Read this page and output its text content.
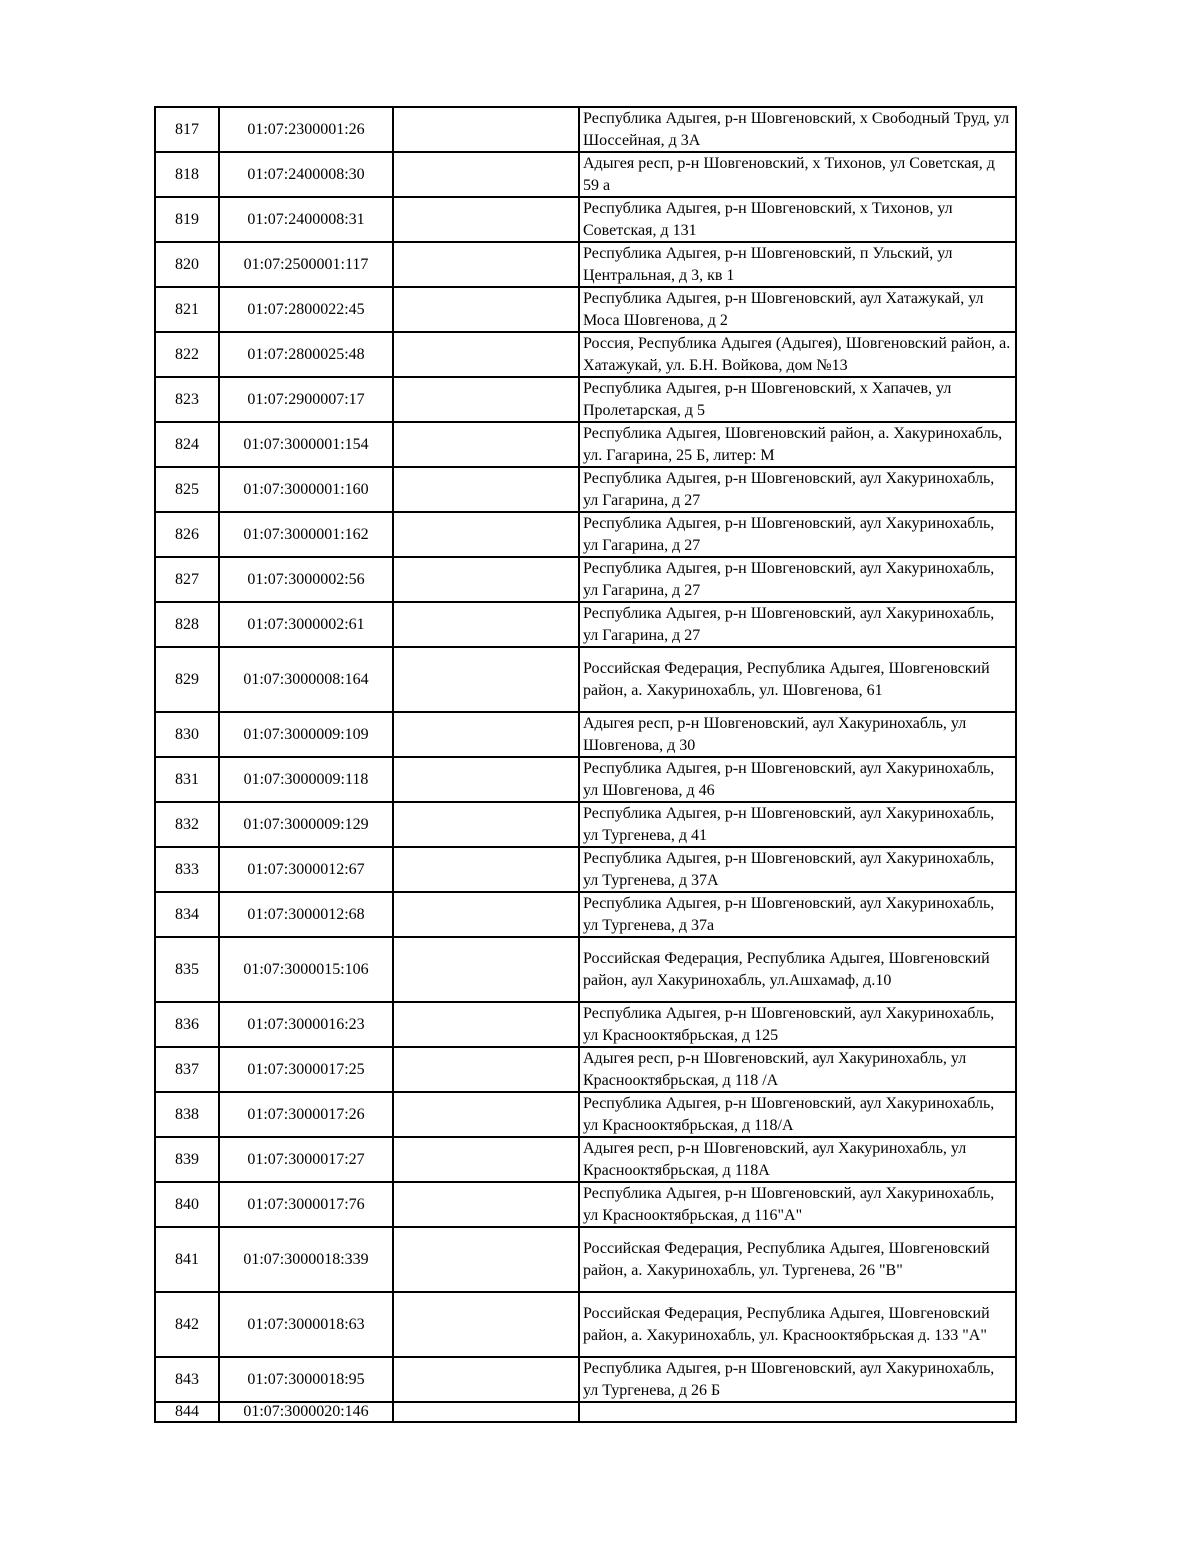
817	01:07:2300001:26		Республика Адыгея, р-н Шовгеновский, х Свободный Труд, ул Шоссейная, д 3А
818	01:07:2400008:30		Адыгея респ, р-н Шовгеновский, х Тихонов, ул Советская, д 59 а
819	01:07:2400008:31		Республика Адыгея, р-н Шовгеновский, х Тихонов, ул Советская, д 131
820	01:07:2500001:117		Республика Адыгея, р-н Шовгеновский, п Ульский, ул Центральная, д 3, кв 1
821	01:07:2800022:45		Республика Адыгея, р-н Шовгеновский, аул Хатажукай, ул Моса Шовгенова, д 2
822	01:07:2800025:48		Россия, Республика Адыгея (Адыгея), Шовгеновский район, а. Хатажукай, ул. Б.Н. Войкова, дом №13
823	01:07:2900007:17		Республика Адыгея, р-н Шовгеновский, х Хапачев, ул Пролетарская, д 5
824	01:07:3000001:154		Республика Адыгея, Шовгеновский район, а. Хакуринохабль, ул. Гагарина, 25 Б, литер: М
825	01:07:3000001:160		Республика Адыгея, р-н Шовгеновский, аул Хакуринохабль, ул Гагарина, д 27
826	01:07:3000001:162		Республика Адыгея, р-н Шовгеновский, аул Хакуринохабль, ул Гагарина, д 27
827	01:07:3000002:56		Республика Адыгея, р-н Шовгеновский, аул Хакуринохабль, ул Гагарина, д 27
828	01:07:3000002:61		Республика Адыгея, р-н Шовгеновский, аул Хакуринохабль, ул Гагарина, д 27
829	01:07:3000008:164		Российская Федерация, Республика Адыгея, Шовгеновский район, а. Хакуринохабль, ул. Шовгенова, 61
830	01:07:3000009:109		Адыгея респ, р-н Шовгеновский, аул Хакуринохабль, ул Шовгенова, д 30
831	01:07:3000009:118		Республика Адыгея, р-н Шовгеновский, аул Хакуринохабль, ул Шовгенова, д 46
832	01:07:3000009:129		Республика Адыгея, р-н Шовгеновский, аул Хакуринохабль, ул Тургенева, д 41
833	01:07:3000012:67		Республика Адыгея, р-н Шовгеновский, аул Хакуринохабль, ул Тургенева, д 37А
834	01:07:3000012:68		Республика Адыгея, р-н Шовгеновский, аул Хакуринохабль, ул Тургенева, д 37а
835	01:07:3000015:106		Российская Федерация, Республика Адыгея, Шовгеновский район, аул Хакуринохабль, ул.Ашхамаф, д.10
836	01:07:3000016:23		Республика Адыгея, р-н Шовгеновский, аул Хакуринохабль, ул Краснооктябрьская, д 125
837	01:07:3000017:25		Адыгея респ, р-н Шовгеновский, аул Хакуринохабль, ул Краснооктябрьская, д 118 /А
838	01:07:3000017:26		Республика Адыгея, р-н Шовгеновский, аул Хакуринохабль, ул Краснооктябрьская, д 118/А
839	01:07:3000017:27		Адыгея респ, р-н Шовгеновский, аул Хакуринохабль, ул Краснооктябрьская, д 118А
840	01:07:3000017:76		Республика Адыгея, р-н Шовгеновский, аул Хакуринохабль, ул Краснооктябрьская, д 116"А"
841	01:07:3000018:339		Российская Федерация, Республика Адыгея, Шовгеновский район, а. Хакуринохабль, ул. Тургенева, 26 "В"
842	01:07:3000018:63		Российская Федерация, Республика Адыгея, Шовгеновский район, а. Хакуринохабль, ул. Краснооктябрьская д. 133 "А"
843	01:07:3000018:95		Республика Адыгея, р-н Шовгеновский, аул Хакуринохабль, ул Тургенева, д 26 Б
844	01:07:3000020:146		
